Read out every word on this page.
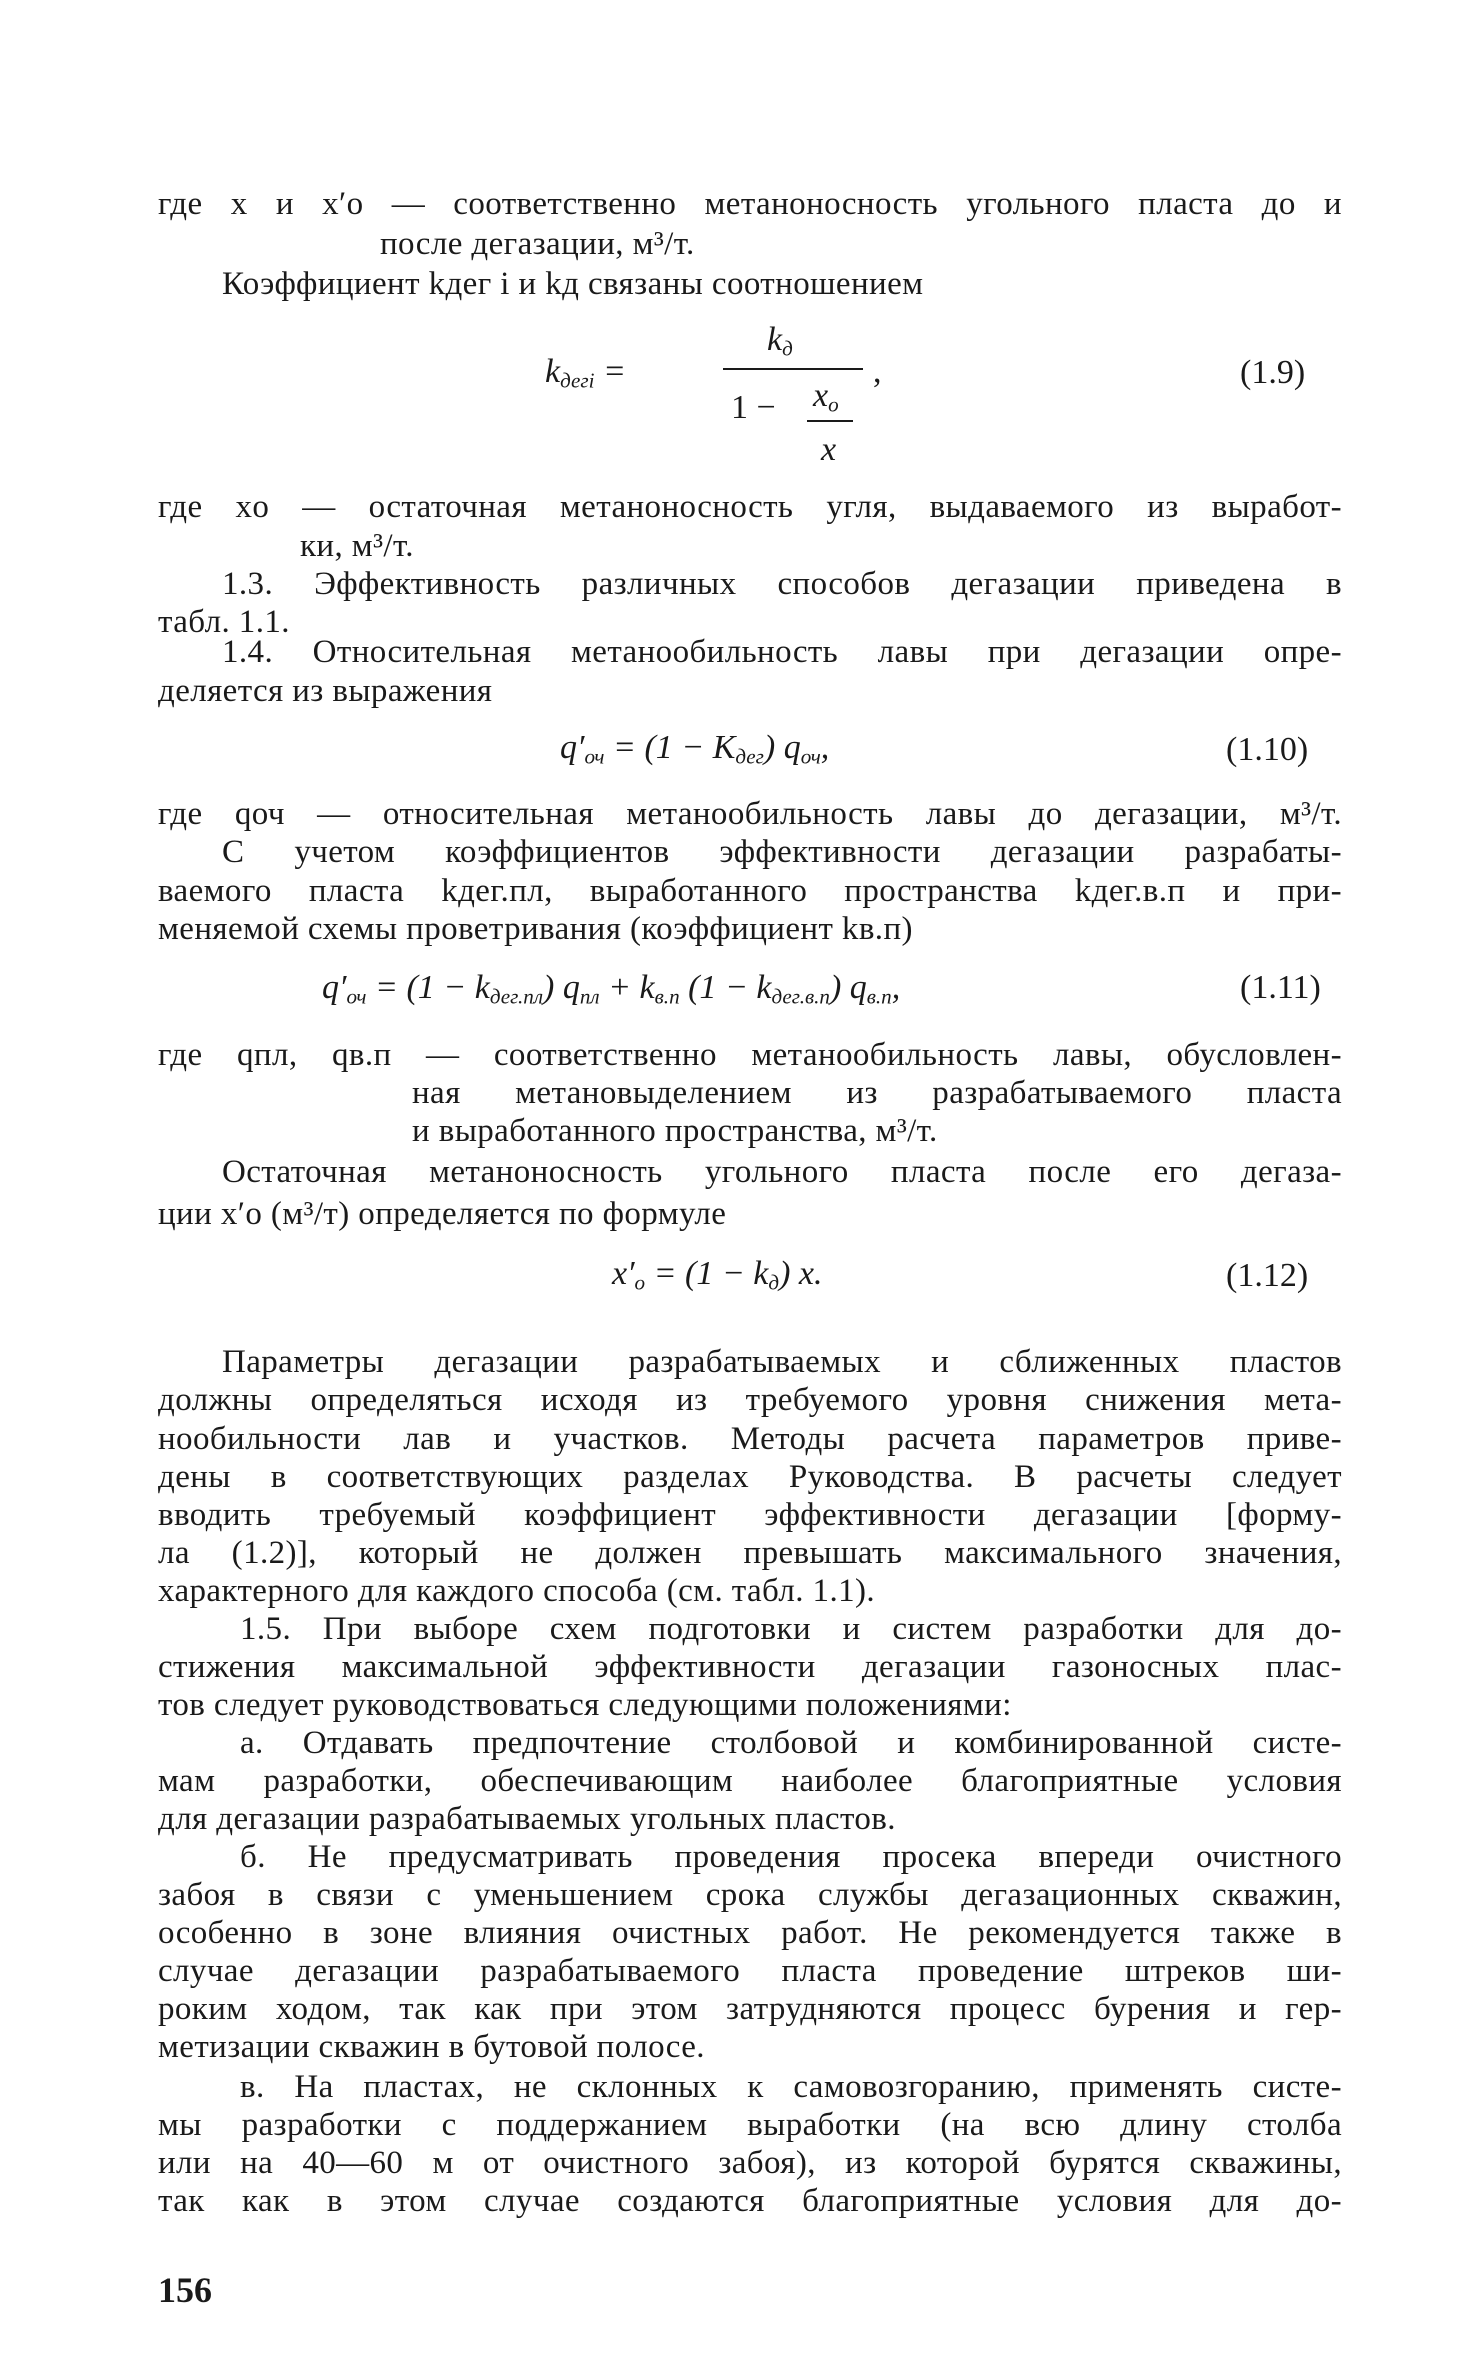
где x и x′o — соответственно метаноносность угольного пласта до и
после дегазации, м³/т.
Коэффициент kдег i и kд связаны соотношением
$k_{дегi}$ =
$k_д$
,
$1 - x_o$
x
(1.9)
где xo — остаточная метаноносность угля, выдаваемого из выработ-
ки, м³/т.
1.3. Эффективность различных способов дегазации приведена в
табл. 1.1.
1.4. Относительная метанообильность лавы при дегазации опре-
деляется из выражения
$q'_{оч} = (1 - K_{дег})$ $q_{оч}$,	(1.10)
где qоч — относительная метанообильность лавы до дегазации, м³/т.
С учетом коэффициентов эффективности дегазации разрабаты-
ваемого пласта kдег.пл, выработанного пространства kдег.в.п и при-
меняемой схемы проветривания (коэффициент kв.п)
$q'_{оч} = (1 - k_{дег.пл}) q_{пл} + k_{в.п}$ $(1 - k_{дег.в.п})$ $q_{в.п}$,	(1.11)
где qпл, qв.п — соответственно метанообильность лавы, обусловлен-
ная метановыделением из разрабатываемого пласта
и выработанного пространства, м³/т.
Остаточная метаноносность угольного пласта после его дегаза-
ции x′o (м³/т) определяется по формуле
$x'_o = (1 - k_д)$ x.	(1.12)
Параметры дегазации разрабатываемых и сближенных пластов
должны определяться исходя из требуемого уровня снижения мета-
нообильности лав и участков. Методы расчета параметров приве-
дены в соответствующих разделах Руководства. В расчеты следует
вводить требуемый коэффициент эффективности дегазации [форму-
ла (1.2)], который не должен превышать максимального значения,
характерного для каждого способа (см. табл. 1.1).
1.5. При выборе схем подготовки и систем разработки для до-
стижения максимальной эффективности дегазации газоносных плас-
тов следует руководствоваться следующими положениями:
а. Отдавать предпочтение столбовой и комбинированной систе-
мам разработки, обеспечивающим наиболее благоприятные условия
для дегазации разрабатываемых угольных пластов.
б. Не предусматривать проведения просека впереди очистного
забоя в связи с уменьшением срока службы дегазационных скважин,
особенно в зоне влияния очистных работ. Не рекомендуется также в
случае дегазации разрабатываемого пласта проведение штреков ши-
роким ходом, так как при этом затрудняются процесс бурения и гер-
метизации скважин в бутовой полосе.
в. На пластах, не склонных к самовозгоранию, применять систе-
мы разработки с поддержанием выработки (на всю длину столба
или на 40—60 м от очистного забоя), из которой бурятся скважины,
так как в этом случае создаются благоприятные условия для до-
156
